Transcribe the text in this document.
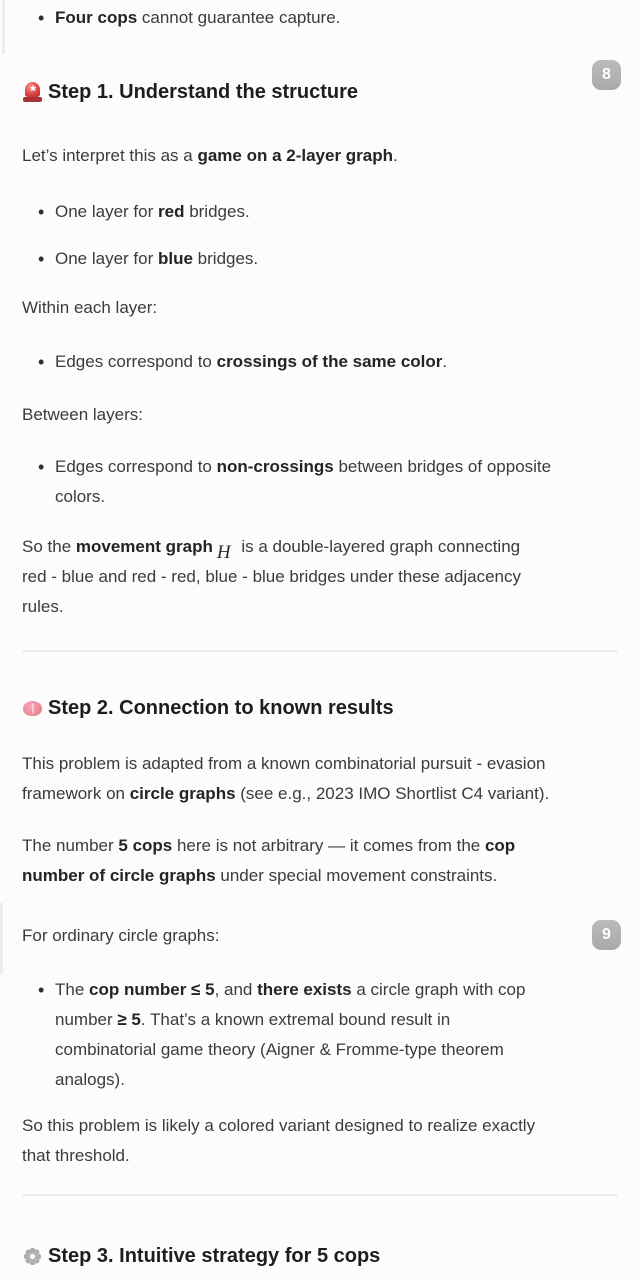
•
Four cops cannot guarantee capture.
*
Step 1. Understand the structure
Let’s interpret this as a game on a 2-layer graph.
•
One layer for red bridges.
•
One layer for blue bridges.
Within each layer:
•
Edges correspond to crossings of the same color.
Between layers:
•
Edges correspond to non-crossings between bridges of opposite
colors.
So the movement graph H is a double-layered graph connecting
red - blue and red - red, blue - blue bridges under these adjacency
rules.
Step 2. Connection to known results
This problem is adapted from a known combinatorial pursuit - evasion
framework on circle graphs (see e.g., 2023 IMO Shortlist C4 variant).
The number 5 cops here is not arbitrary — it comes from the cop
number of circle graphs under special movement constraints.
For ordinary circle graphs:
•
The cop number ≤ 5, and there exists a circle graph with cop
number ≥ 5. That’s a known extremal bound result in
combinatorial game theory (Aigner & Fromme-type theorem
analogs).
So this problem is likely a colored variant designed to realize exactly
that threshold.
Step 3. Intuitive strategy for 5 cops
8
9
